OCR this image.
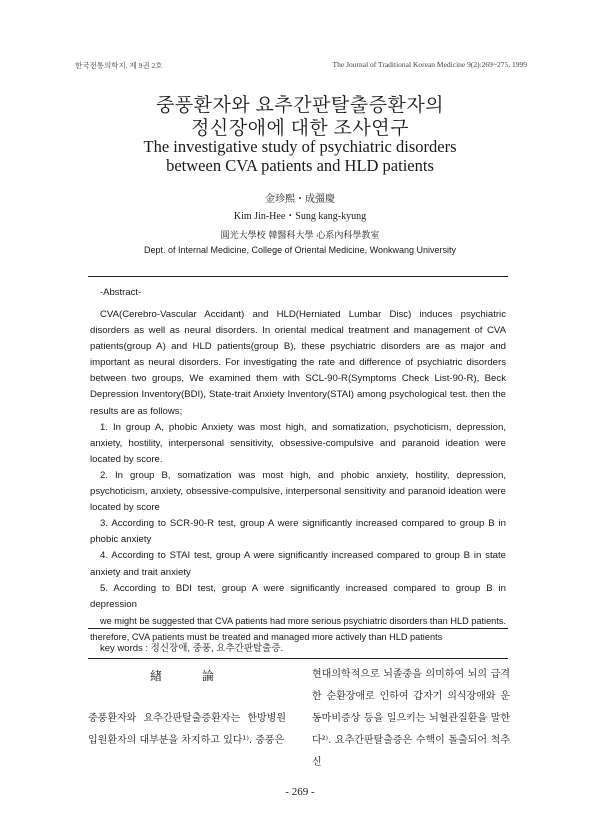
한국전통의학지. 제 9권 2호	The Journal of Traditional Korean Medicine 9(2):269~275, 1999
중풍환자와 요추간판탈출증환자의
정신장애에 대한 조사연구
The investigative study of psychiatric disorders
between CVA patients and HLD patients
金珍熙・成彊慶
Kim Jin-Hee・Sung kang-kyung
圓光大學校 韓醫科大學 心系內科學教室
Dept. of Internal Medicine, College of Oriental Medicine, Wonkwang University
-Abstract-

CVA(Cerebro-Vascular Accidant) and HLD(Herniated Lumbar Disc) induces psychiatric disorders as well as neural disorders. In oriental medical treatment and management of CVA patients(group A) and HLD patients(group B), these psychiatric disorders are as major and important as neural disorders. For investigating the rate and difference of psychiatric disorders between two groups, We examined them with SCL-90-R(Symptoms Check List-90-R), Beck Depression Inventory(BDI), State-trait Anxiety Inventory(STAI) among psychological test. then the results are as follows;

1. In group A, phobic Anxiety was most high, and somatization, psychoticism, depression, anxiety, hostility, interpersonal sensitivity, obsessive-compulsive and paranoid ideation were located by score.

2. In group B, somatization was most high, and phobic anxiety, hostility, depression, psychoticism, anxiety, obsessive-compulsive, interpersonal sensitivity and paranoid ideation were located by score

3. According to SCR-90-R test, group A were significantly increased compared to group B in phobic anxiety

4. According to STAI test, group A were significantly increased compared to group B in state anxiety and trait anxiety

5. According to BDI test, group A were significantly increased compared to group B in depression

we might be suggested that CVA patients had more serious psychiatric disorders than HLD patients. therefore, CVA patients must be treated and managed more actively than HLD patients

key words : 정신장애, 중풍, 요추간판탈출증.
緖 論

중풍환자와 요추간판탈출증환자는 한방병원 입원환자의 대부분을 차지하고 있다¹⁾. 중풍은

현대의학적으로 뇌졸중을 의미하여 뇌의 급격한 순환장애로 인하여 갑자기 의식장애와 운동마비증상 등을 일으키는 뇌혈관질환을 말한다²⁾. 요추간판탈출증은 수핵이 돌출되어 척추신

- 269 -
